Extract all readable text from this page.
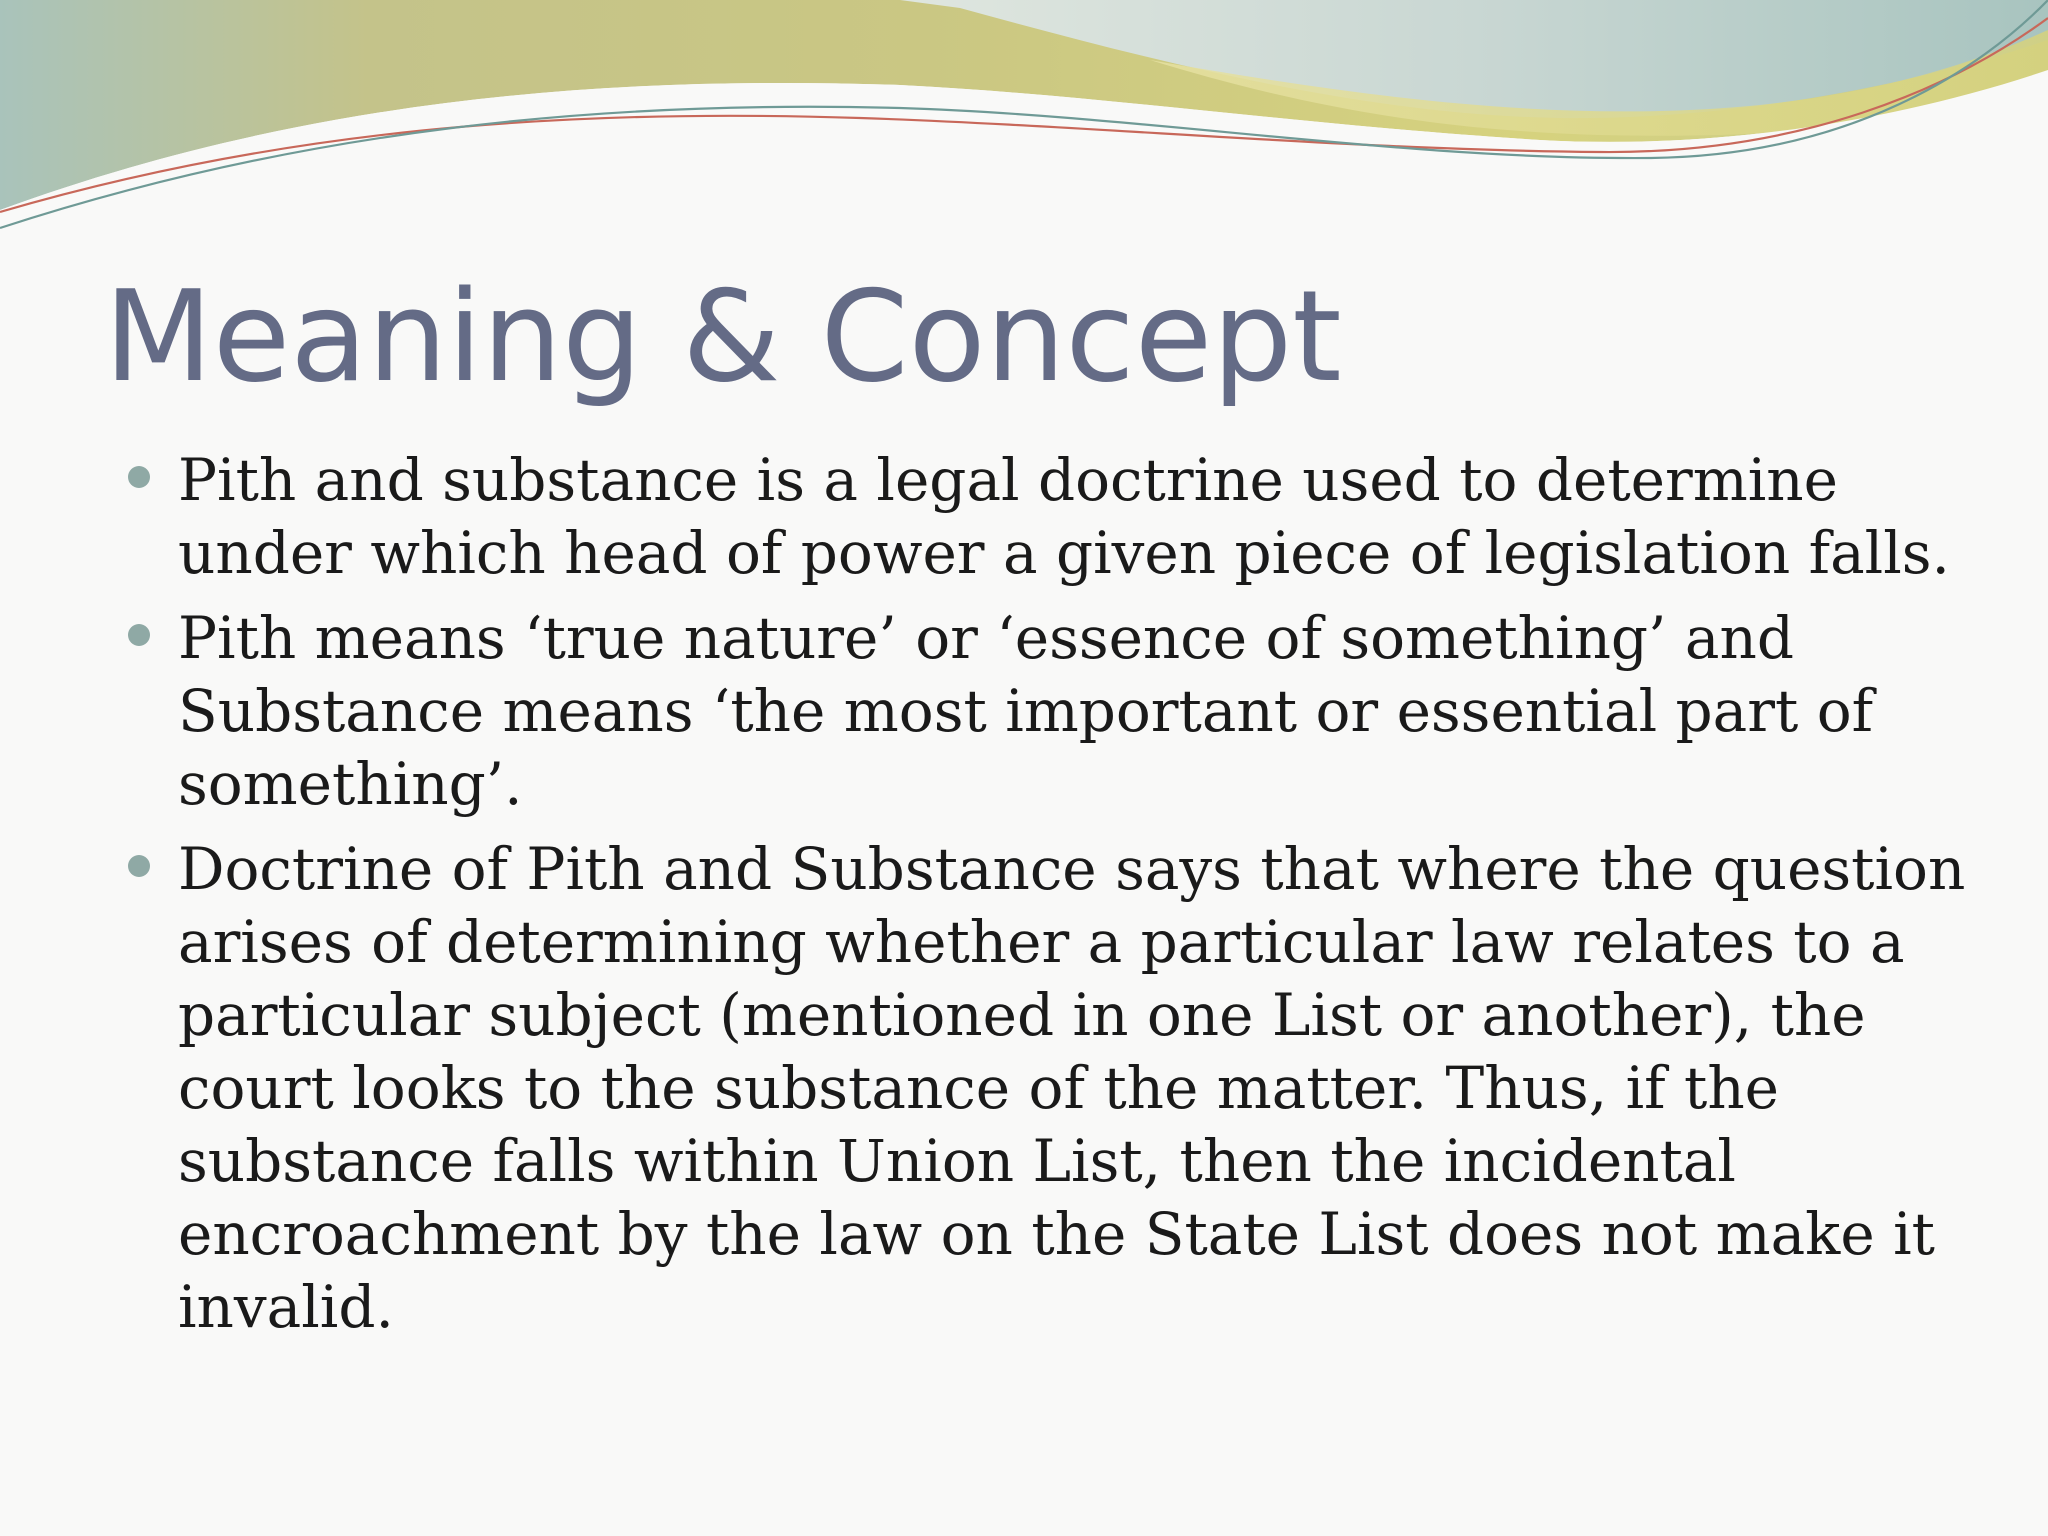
Meaning & Concept
Pith and substance is a legal doctrine used to determine under which head of power a given piece of legislation falls.
Pith means ‘true nature’ or ‘essence of something’ and Substance means ‘the most important or essential part of something’.
Doctrine of Pith and Substance says that where the question arises of determining whether a particular law relates to a particular subject (mentioned in one List or another), the court looks to the substance of the matter. Thus, if the substance falls within Union List, then the incidental encroachment by the law on the State List does not make it invalid.
